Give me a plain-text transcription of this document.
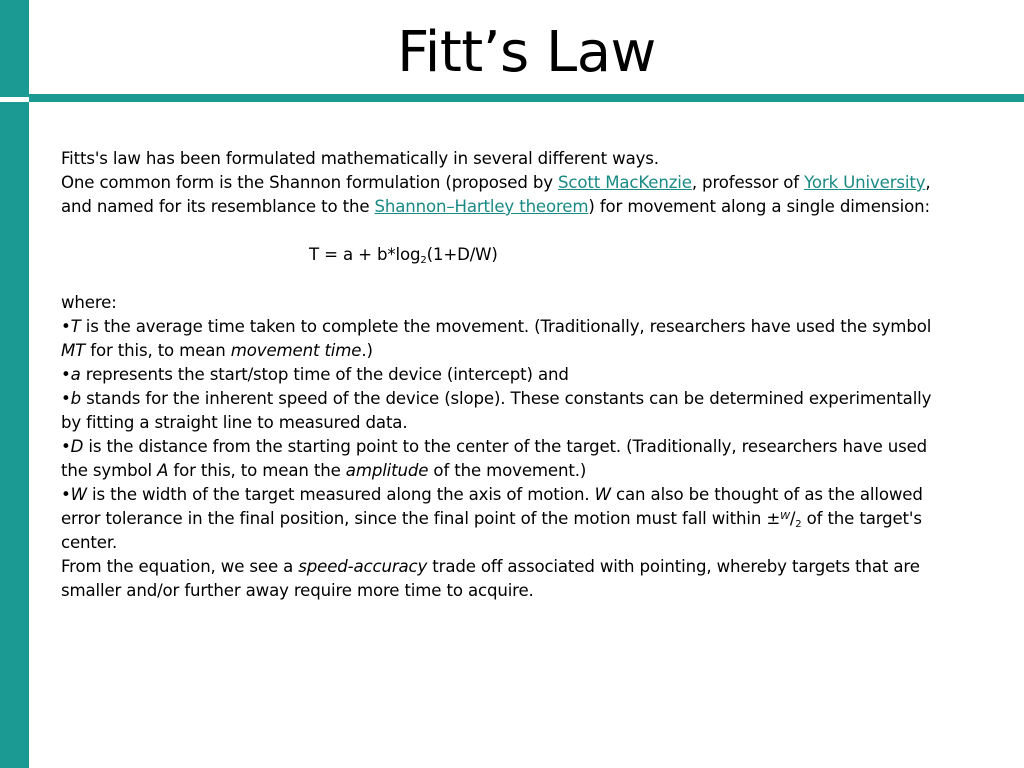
Fitt’s Law

Fitts's law has been formulated mathematically in several different ways.

One common form is the Shannon formulation (proposed by Scott MacKenzie, professor of York University, and named for its resemblance to the Shannon–Hartley theorem) for movement along a single dimension:

$T = a + b*\log_2(1+D/W)$

where:

•T is the average time taken to complete the movement. (Traditionally, researchers have used the symbol MT for this, to mean movement time.)

•a represents the start/stop time of the device (intercept) and

•b stands for the inherent speed of the device (slope). These constants can be determined experimentally by fitting a straight line to measured data.

•D is the distance from the starting point to the center of the target. (Traditionally, researchers have used the symbol A for this, to mean the amplitude of the movement.)

•W is the width of the target measured along the axis of motion. W can also be thought of as the allowed error tolerance in the final position, since the final point of the motion must fall within $\pm^W/_2$ of the target's center.

From the equation, we see a speed-accuracy trade off associated with pointing, whereby targets that are smaller and/or further away require more time to acquire.
